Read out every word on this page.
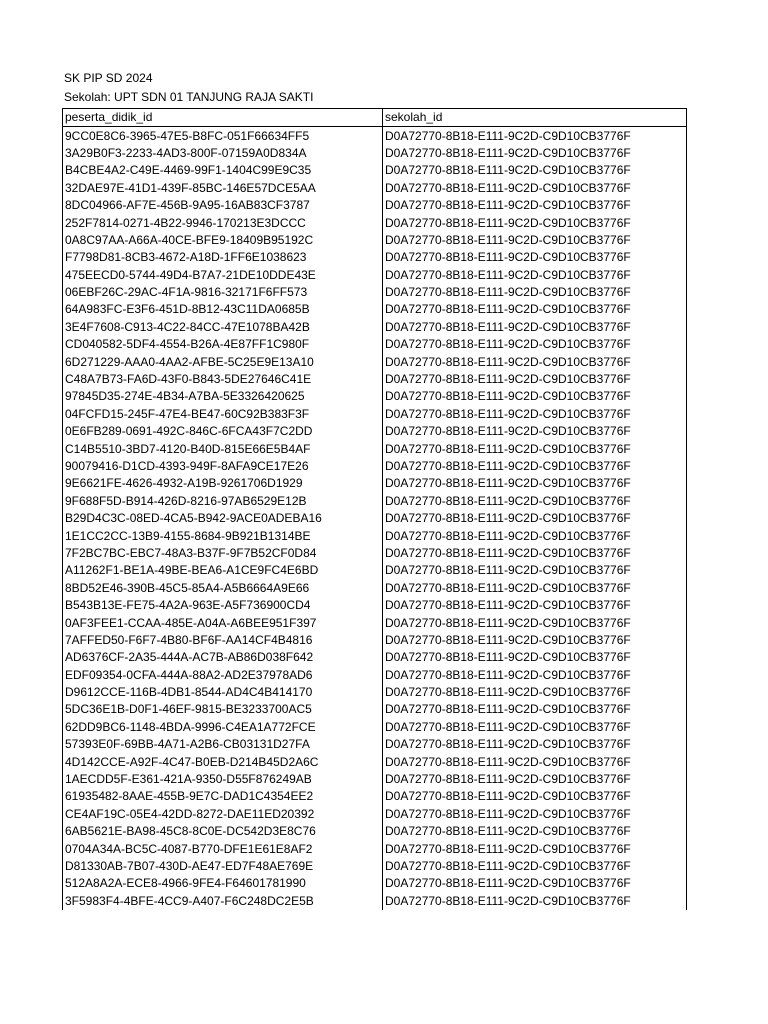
SK PIP SD 2024
Sekolah: UPT SDN 01 TANJUNG RAJA SAKTI
peserta_didik_id	sekolah_id
9CC0E8C6-3965-47E5-B8FC-051F66634FF5	D0A72770-8B18-E111-9C2D-C9D10CB3776F
3A29B0F3-2233-4AD3-800F-07159A0D834A	D0A72770-8B18-E111-9C2D-C9D10CB3776F
B4CBE4A2-C49E-4469-99F1-1404C99E9C35	D0A72770-8B18-E111-9C2D-C9D10CB3776F
32DAE97E-41D1-439F-85BC-146E57DCE5AA	D0A72770-8B18-E111-9C2D-C9D10CB3776F
8DC04966-AF7E-456B-9A95-16AB83CF3787	D0A72770-8B18-E111-9C2D-C9D10CB3776F
252F7814-0271-4B22-9946-170213E3DCCC	D0A72770-8B18-E111-9C2D-C9D10CB3776F
0A8C97AA-A66A-40CE-BFE9-18409B95192C	D0A72770-8B18-E111-9C2D-C9D10CB3776F
F7798D81-8CB3-4672-A18D-1FF6E1038623	D0A72770-8B18-E111-9C2D-C9D10CB3776F
475EECD0-5744-49D4-B7A7-21DE10DDE43E	D0A72770-8B18-E111-9C2D-C9D10CB3776F
06EBF26C-29AC-4F1A-9816-32171F6FF573	D0A72770-8B18-E111-9C2D-C9D10CB3776F
64A983FC-E3F6-451D-8B12-43C11DA0685B	D0A72770-8B18-E111-9C2D-C9D10CB3776F
3E4F7608-C913-4C22-84CC-47E1078BA42B	D0A72770-8B18-E111-9C2D-C9D10CB3776F
CD040582-5DF4-4554-B26A-4E87FF1C980F	D0A72770-8B18-E111-9C2D-C9D10CB3776F
6D271229-AAA0-4AA2-AFBE-5C25E9E13A10	D0A72770-8B18-E111-9C2D-C9D10CB3776F
C48A7B73-FA6D-43F0-B843-5DE27646C41E	D0A72770-8B18-E111-9C2D-C9D10CB3776F
97845D35-274E-4B34-A7BA-5E3326420625	D0A72770-8B18-E111-9C2D-C9D10CB3776F
04FCFD15-245F-47E4-BE47-60C92B383F3F	D0A72770-8B18-E111-9C2D-C9D10CB3776F
0E6FB289-0691-492C-846C-6FCA43F7C2DD	D0A72770-8B18-E111-9C2D-C9D10CB3776F
C14B5510-3BD7-4120-B40D-815E66E5B4AF	D0A72770-8B18-E111-9C2D-C9D10CB3776F
90079416-D1CD-4393-949F-8AFA9CE17E26	D0A72770-8B18-E111-9C2D-C9D10CB3776F
9E6621FE-4626-4932-A19B-9261706D1929	D0A72770-8B18-E111-9C2D-C9D10CB3776F
9F688F5D-B914-426D-8216-97AB6529E12B	D0A72770-8B18-E111-9C2D-C9D10CB3776F
B29D4C3C-08ED-4CA5-B942-9ACE0ADEBA16	D0A72770-8B18-E111-9C2D-C9D10CB3776F
1E1CC2CC-13B9-4155-8684-9B921B1314BE	D0A72770-8B18-E111-9C2D-C9D10CB3776F
7F2BC7BC-EBC7-48A3-B37F-9F7B52CF0D84	D0A72770-8B18-E111-9C2D-C9D10CB3776F
A11262F1-BE1A-49BE-BEA6-A1CE9FC4E6BD	D0A72770-8B18-E111-9C2D-C9D10CB3776F
8BD52E46-390B-45C5-85A4-A5B6664A9E66	D0A72770-8B18-E111-9C2D-C9D10CB3776F
B543B13E-FE75-4A2A-963E-A5F736900CD4	D0A72770-8B18-E111-9C2D-C9D10CB3776F
0AF3FEE1-CCAA-485E-A04A-A6BEE951F397	D0A72770-8B18-E111-9C2D-C9D10CB3776F
7AFFED50-F6F7-4B80-BF6F-AA14CF4B4816	D0A72770-8B18-E111-9C2D-C9D10CB3776F
AD6376CF-2A35-444A-AC7B-AB86D038F642	D0A72770-8B18-E111-9C2D-C9D10CB3776F
EDF09354-0CFA-444A-88A2-AD2E37978AD6	D0A72770-8B18-E111-9C2D-C9D10CB3776F
D9612CCE-116B-4DB1-8544-AD4C4B414170	D0A72770-8B18-E111-9C2D-C9D10CB3776F
5DC36E1B-D0F1-46EF-9815-BE3233700AC5	D0A72770-8B18-E111-9C2D-C9D10CB3776F
62DD9BC6-1148-4BDA-9996-C4EA1A772FCE	D0A72770-8B18-E111-9C2D-C9D10CB3776F
57393E0F-69BB-4A71-A2B6-CB03131D27FA	D0A72770-8B18-E111-9C2D-C9D10CB3776F
4D142CCE-A92F-4C47-B0EB-D214B45D2A6C	D0A72770-8B18-E111-9C2D-C9D10CB3776F
1AECDD5F-E361-421A-9350-D55F876249AB	D0A72770-8B18-E111-9C2D-C9D10CB3776F
61935482-8AAE-455B-9E7C-DAD1C4354EE2	D0A72770-8B18-E111-9C2D-C9D10CB3776F
CE4AF19C-05E4-42DD-8272-DAE11ED20392	D0A72770-8B18-E111-9C2D-C9D10CB3776F
6AB5621E-BA98-45C8-8C0E-DC542D3E8C76	D0A72770-8B18-E111-9C2D-C9D10CB3776F
0704A34A-BC5C-4087-B770-DFE1E61E8AF2	D0A72770-8B18-E111-9C2D-C9D10CB3776F
D81330AB-7B07-430D-AE47-ED7F48AE769E	D0A72770-8B18-E111-9C2D-C9D10CB3776F
512A8A2A-ECE8-4966-9FE4-F64601781990	D0A72770-8B18-E111-9C2D-C9D10CB3776F
3F5983F4-4BFE-4CC9-A407-F6C248DC2E5B	D0A72770-8B18-E111-9C2D-C9D10CB3776F
